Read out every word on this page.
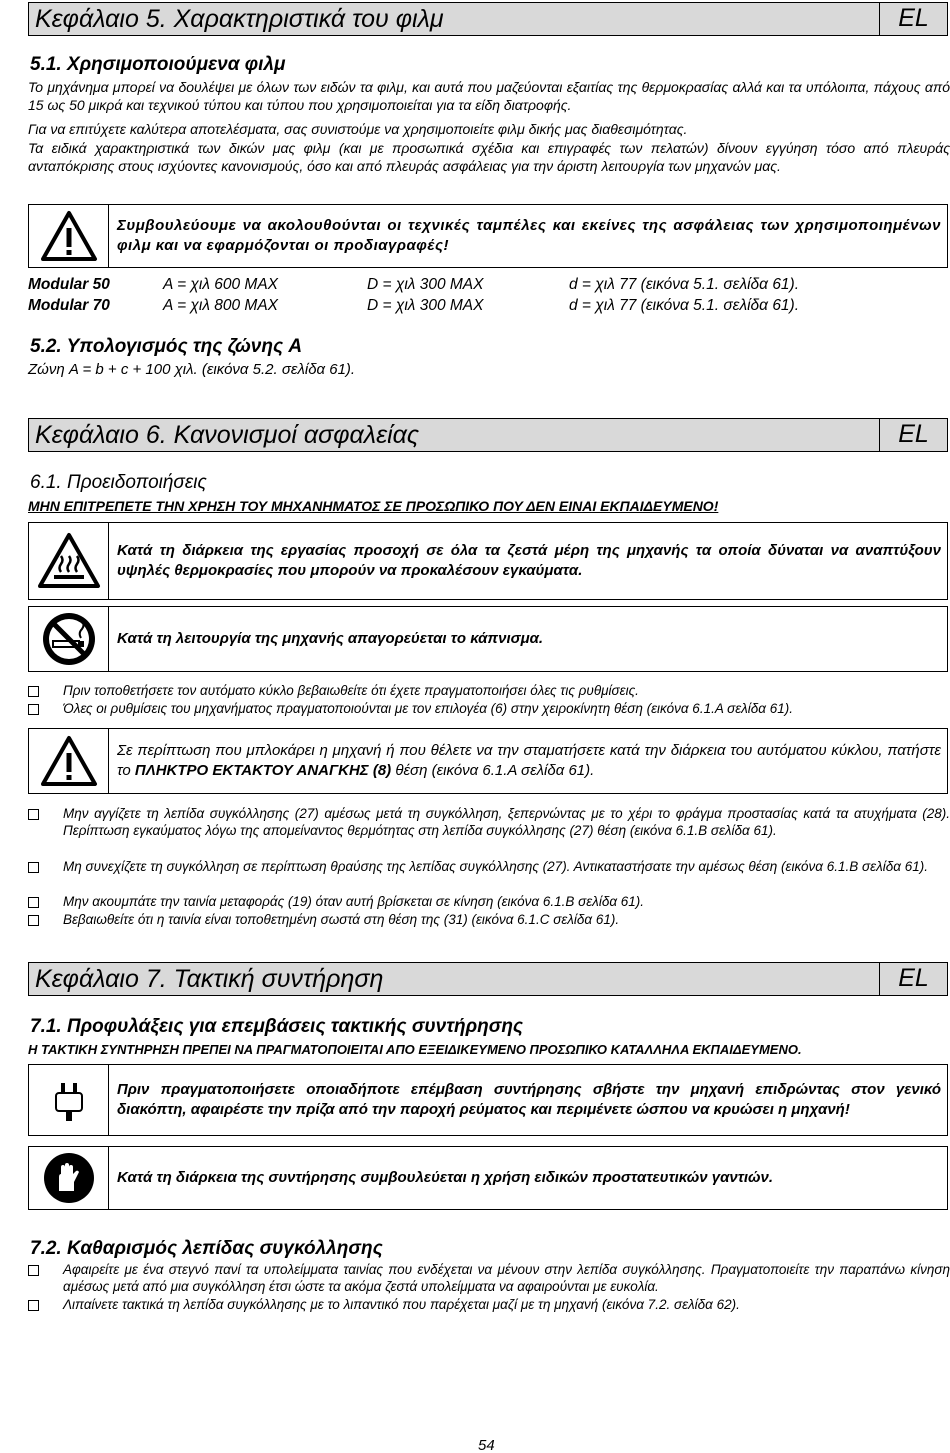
Κεφάλαιο 5. Χαρακτηριστικά του φιλμ	EL
5.1. Χρησιμοποιούμενα φιλμ
Το μηχάνημα μπορεί να δουλέψει με όλων των ειδών τα φιλμ, και αυτά που μαζεύονται εξαιτίας της θερμοκρασίας αλλά και τα υπόλοιπα, πάχους από 15 ως 50 μικρά και τεχνικού τύπου και τύπου που χρησιμοποιείται για τα είδη διατροφής.
Για να επιτύχετε καλύτερα αποτελέσματα, σας συνιστούμε να χρησιμοποιείτε φιλμ δικής μας διαθεσιμότητας.
Τα ειδικά χαρακτηριστικά των δικών μας φιλμ (και με προσωπικά σχέδια και επιγραφές των πελατών) δίνουν εγγύηση τόσο από πλευράς ανταπόκρισης στους ισχύοντες κανονισμούς, όσο και από πλευράς ασφάλειας για την άριστη λειτουργία των μηχανών μας.
Συμβουλεύουμε να ακολουθούνται οι τεχνικές ταμπέλες και εκείνες της ασφάλειας των χρησιμοποιημένων φιλμ και να εφαρμόζονται οι προδιαγραφές!
Modular 50	A = χιλ 600 MAX	D = χιλ 300 MAX	d = χιλ 77 (εικόνα 5.1. σελίδα 61).
Modular 70	A = χιλ 800 MAX	D = χιλ 300 MAX	d = χιλ 77 (εικόνα 5.1. σελίδα 61).
5.2. Υπολογισμός της ζώνης A
Ζώνη A = b + c + 100 χιλ. (εικόνα 5.2. σελίδα 61).
Κεφάλαιο 6. Κανονισμοί ασφαλείας	EL
6.1. Προειδοποιήσεις
ΜΗΝ ΕΠΙΤΡΕΠΕΤΕ ΤΗΝ ΧΡΗΣΗ ΤΟΥ ΜΗΧΑΝΗΜΑΤΟΣ ΣΕ ΠΡΟΣΩΠΙΚΟ ΠΟΥ ΔΕΝ ΕΙΝΑΙ ΕΚΠΑΙΔΕΥΜΕΝΟ!
Κατά τη διάρκεια της εργασίας προσοχή σε όλα τα ζεστά μέρη της μηχανής τα οποία δύναται να αναπτύξουν υψηλές θερμοκρασίες που μπορούν να προκαλέσουν εγκαύματα.
Κατά τη λειτουργία της μηχανής απαγορεύεται το κάπνισμα.
Πριν τοποθετήσετε τον αυτόματο κύκλο βεβαιωθείτε ότι έχετε πραγματοποιήσει όλες τις ρυθμίσεις.
Όλες οι ρυθμίσεις του μηχανήματος πραγματοποιούνται με τον επιλογέα (6) στην χειροκίνητη θέση (εικόνα 6.1.A σελίδα 61).
Σε περίπτωση που μπλοκάρει η μηχανή ή που θέλετε να την σταματήσετε κατά την διάρκεια του αυτόματου κύκλου, πατήστε το ΠΛΗΚΤΡΟ ΕΚΤΑΚΤΟΥ ΑΝΑΓΚΗΣ (8) θέση (εικόνα 6.1.A σελίδα 61).
Μην αγγίζετε τη λεπίδα συγκόλλησης (27) αμέσως μετά τη συγκόλληση, ξεπερνώντας με το χέρι το φράγμα προστασίας κατά τα ατυχήματα (28). Περίπτωση εγκαύματος λόγω της απομείναντος θερμότητας στη λεπίδα συγκόλλησης (27) θέση (εικόνα 6.1.B σελίδα 61).
Μη συνεχίζετε τη συγκόλληση σε περίπτωση θραύσης της λεπίδας συγκόλλησης (27). Αντικαταστήσατε την αμέσως θέση (εικόνα 6.1.B σελίδα 61).
Μην ακουμπάτε την ταινία μεταφοράς (19) όταν αυτή βρίσκεται σε κίνηση (εικόνα 6.1.B σελίδα 61).
Βεβαιωθείτε ότι η ταινία είναι τοποθετημένη σωστά στη θέση της (31) (εικόνα 6.1.C σελίδα 61).
Κεφάλαιο 7. Τακτική συντήρηση	EL
7.1. Προφυλάξεις για επεμβάσεις τακτικής συντήρησης
Η ΤΑΚΤΙΚΗ ΣΥΝΤΗΡΗΣΗ ΠΡΕΠΕΙ ΝΑ ΠΡΑΓΜΑΤΟΠΟΙΕΙΤΑΙ ΑΠΟ ΕΞΕΙΔΙΚΕΥΜΕΝΟ ΠΡΟΣΩΠΙΚΟ ΚΑΤΑΛΛΗΛΑ ΕΚΠΑΙΔΕΥΜΕΝΟ.
Πριν πραγματοποιήσετε οποιαδήποτε επέμβαση συντήρησης σβήστε την μηχανή επιδρώντας στον γενικό διακόπτη, αφαιρέστε την πρίζα από την παροχή ρεύματος και περιμένετε ώσπου να κρυώσει η μηχανή!
Κατά τη διάρκεια της συντήρησης συμβουλεύεται η χρήση ειδικών προστατευτικών γαντιών.
7.2. Καθαρισμός λεπίδας συγκόλλησης
Αφαιρείτε με ένα στεγνό πανί τα υπολείμματα ταινίας που ενδέχεται να μένουν στην λεπίδα συγκόλλησης. Πραγματοποιείτε την παραπάνω κίνηση αμέσως μετά από μια συγκόλληση έτσι ώστε τα ακόμα ζεστά υπολείμματα να αφαιρούνται με ευκολία.
Λιπαίνετε τακτικά τη λεπίδα συγκόλλησης με το λιπαντικό που παρέχεται μαζί με τη μηχανή (εικόνα 7.2. σελίδα 62).
54
